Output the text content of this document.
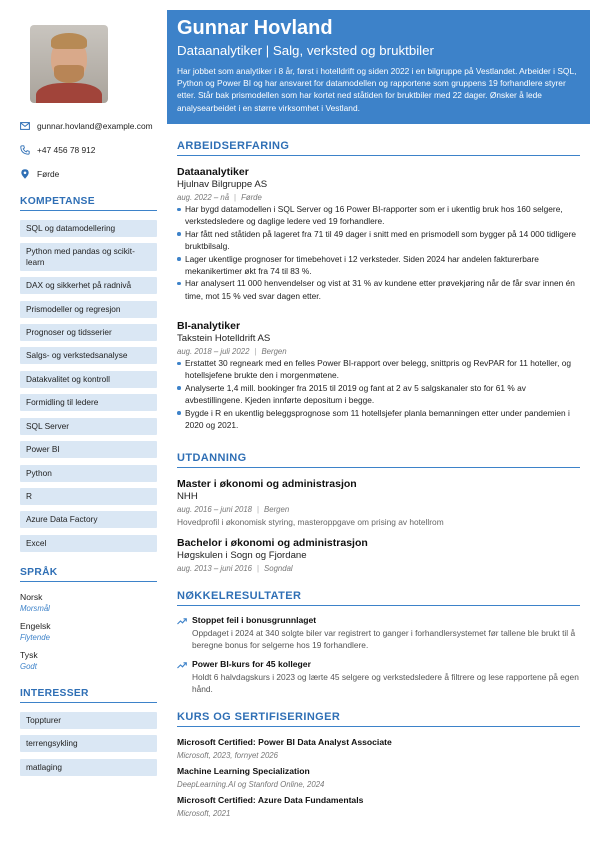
Gunnar Hovland
Dataanalytiker | Salg, verksted og bruktbiler
Har jobbet som analytiker i 8 år, først i hotelldrift og siden 2022 i en bilgruppe på Vestlandet. Arbeider i SQL, Python og Power BI og har ansvaret for datamodellen og rapportene som gruppens 19 forhandlere styrer etter. Står bak prismodellen som har kortet ned ståtiden for bruktbiler med 22 dager. Ønsker å lede analysearbeidet i en større virksomhet i Vestland.
gunnar.hovland@example.com
+47 456 78 912
Førde
KOMPETANSE
SQL og datamodellering
Python med pandas og scikit-learn
DAX og sikkerhet på radnivå
Prismodeller og regresjon
Prognoser og tidsserier
Salgs- og verkstedsanalyse
Datakvalitet og kontroll
Formidling til ledere
SQL Server
Power BI
Python
R
Azure Data Factory
Excel
SPRÅK
Norsk
Morsmål
Engelsk
Flytende
Tysk
Godt
INTERESSER
Toppturer
terrengsykling
matlaging
ARBEIDSERFARING
Dataanalytiker
Hjulnav Bilgruppe AS
aug. 2022 – nå | Førde
Har bygd datamodellen i SQL Server og 16 Power BI-rapporter som er i ukentlig bruk hos 160 selgere, verkstedsledere og daglige ledere ved 19 forhandlere.
Har fått ned ståtiden på lageret fra 71 til 49 dager i snitt med en prismodell som bygger på 14 000 tidligere bruktbilsalg.
Lager ukentlige prognoser for timebehovet i 12 verksteder. Siden 2024 har andelen fakturerbare mekanikertimer økt fra 74 til 83 %.
Har analysert 11 000 henvendelser og vist at 31 % av kundene etter prøvekjøring når de får svar innen én time, mot 15 % ved svar dagen etter.
BI-analytiker
Takstein Hotelldrift AS
aug. 2018 – juli 2022 | Bergen
Erstattet 30 regneark med en felles Power BI-rapport over belegg, snittpris og RevPAR for 11 hoteller, og hotellsjefene brukte den i morgenmøtene.
Analyserte 1,4 mill. bookinger fra 2015 til 2019 og fant at 2 av 5 salgskanaler sto for 61 % av avbestillingene. Kjeden innførte depositum i begge.
Bygde i R en ukentlig beleggsprognose som 11 hotellsjefer planla bemanningen etter under pandemien i 2020 og 2021.
UTDANNING
Master i økonomi og administrasjon
NHH
aug. 2016 – juni 2018 | Bergen
Hovedprofil i økonomisk styring, masteroppgave om prising av hotellrom
Bachelor i økonomi og administrasjon
Høgskulen i Sogn og Fjordane
aug. 2013 – juni 2016 | Sogndal
NØKKELRESULTATER
Stoppet feil i bonusgrunnlaget
Oppdaget i 2024 at 340 solgte biler var registrert to ganger i forhandlersystemet før tallene ble brukt til å beregne bonus for selgerne hos 19 forhandlere.
Power BI-kurs for 45 kolleger
Holdt 6 halvdagskurs i 2023 og lærte 45 selgere og verkstedsledere å filtrere og lese rapportene på egen hånd.
KURS OG SERTIFISERINGER
Microsoft Certified: Power BI Data Analyst Associate
Microsoft, 2023, fornyet 2026
Machine Learning Specialization
DeepLearning.AI og Stanford Online, 2024
Microsoft Certified: Azure Data Fundamentals
Microsoft, 2021
